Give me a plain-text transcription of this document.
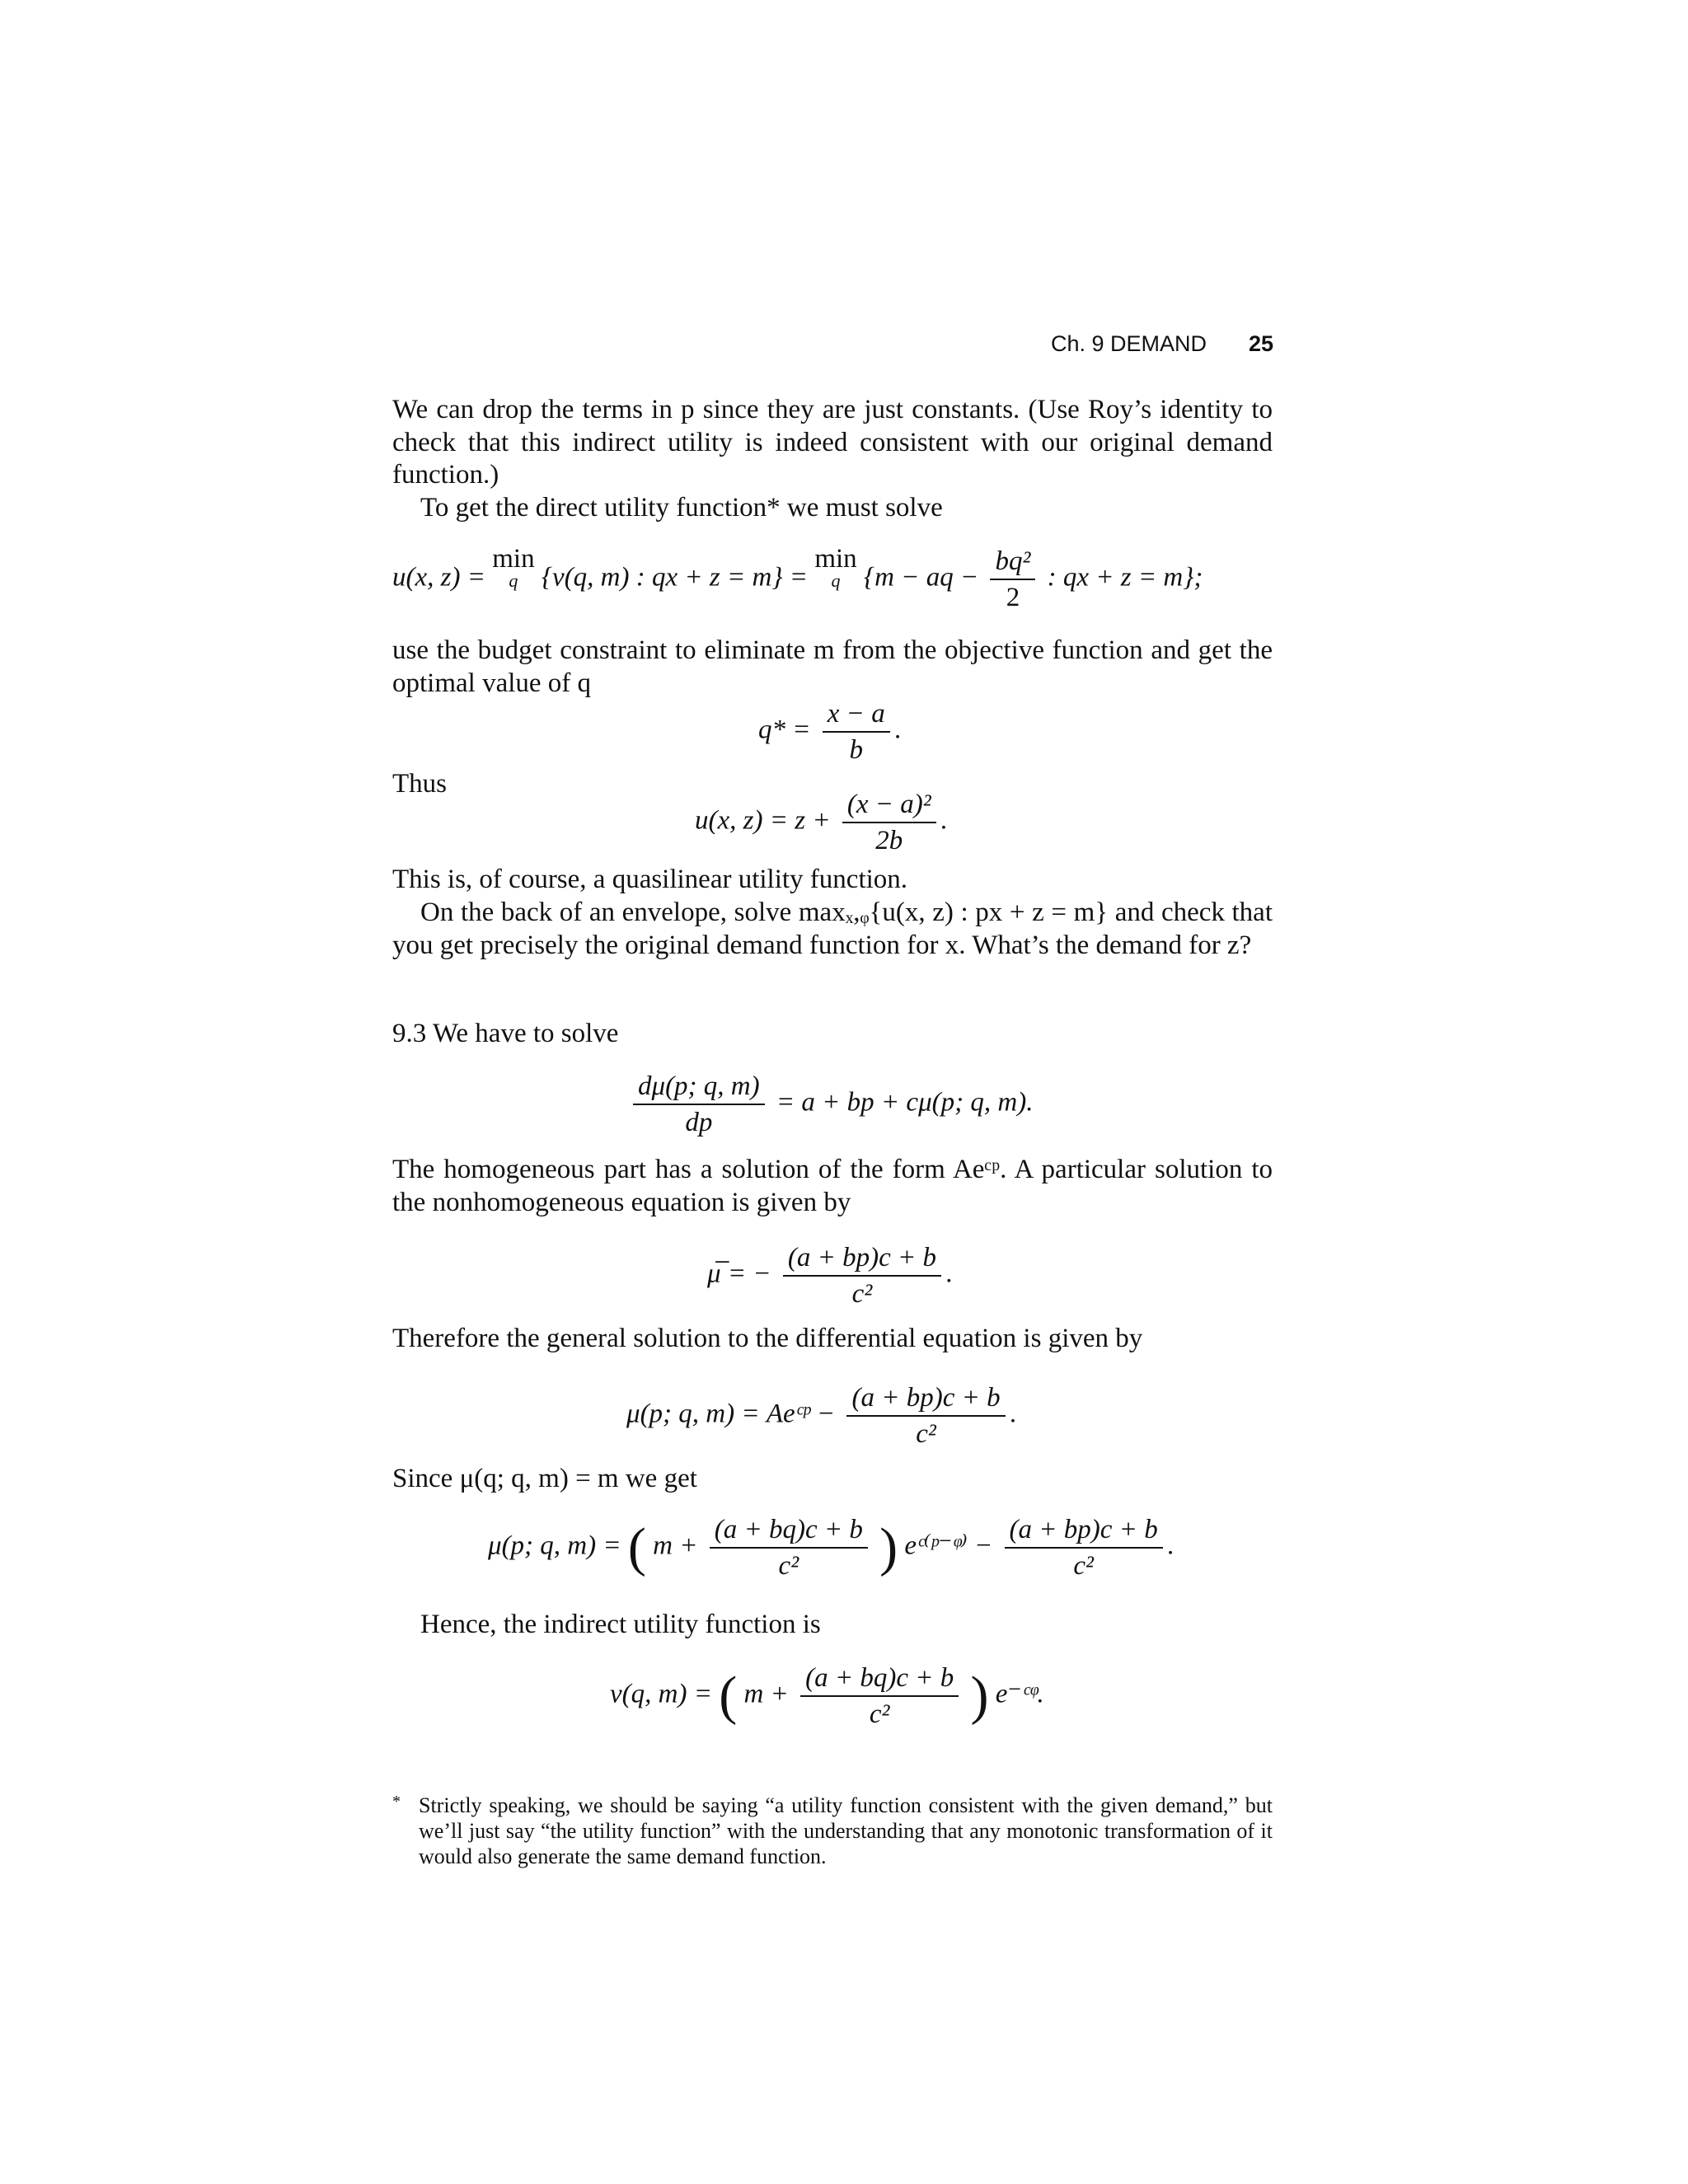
Ch. 9 DEMAND 25

We can drop the terms in p since they are just constants. (Use Roy’s identity to check that this indirect utility is indeed consistent with our original demand function.)

To get the direct utility function* we must solve

u(x, z) = min
q {v(q, m) : qx + z = m} = min
q {m − aq − $\frac{\text{bq²}}{2}$ : qx + z = m};

use the budget constraint to eliminate m from the objective function and get the optimal value of q

$q* = \frac{x - a}{b}$ .

Thus

u(x, $z) = z + \frac{\text{(x − a)²}}{2b}$ .

This is, of course, a quasilinear utility function.

On the back of an envelope, solve maxₓ,ᵩ{u(x, z) : px + z = m} and check that you get precisely the original demand function for x. What’s the demand for z?

9.3 We have to solve

$\frac{d\mu(p; q, m)}{dp} = a$ + bp + cμ(p; q, m).

The homogeneous part has a solution of the form Aeᶜᵖ. A particular solution to the nonhomogeneous equation is given by

μ̅ = − $\frac{(a + bp)c + b}{\text{c²}}$ .

Therefore the general solution to the differential equation is given by

μ(p; q, m) = Aeᶜᵖ − $\frac{(a + bp)c + b}{\text{c²}}$ .

Since μ(q; q, m) = m we get

μ(p; q, m) = ( $m + \frac{(a + bq)c + b}{\text{c²}}$ ) eᶜ⁽ᵖ⁻ᵠ⁾ − $\frac{(a + bp)c + b}{\text{c²}}$ .

Hence, the indirect utility function is

v(q, m) = ( $m + \frac{(a + bq)c + b}{\text{c²}}$ ) e⁻ᶜᵠ.
* Strictly speaking, we should be saying “a utility function consistent with the given demand,” but we’ll just say “the utility function” with the understanding that any monotonic transformation of it would also generate the same demand function.
